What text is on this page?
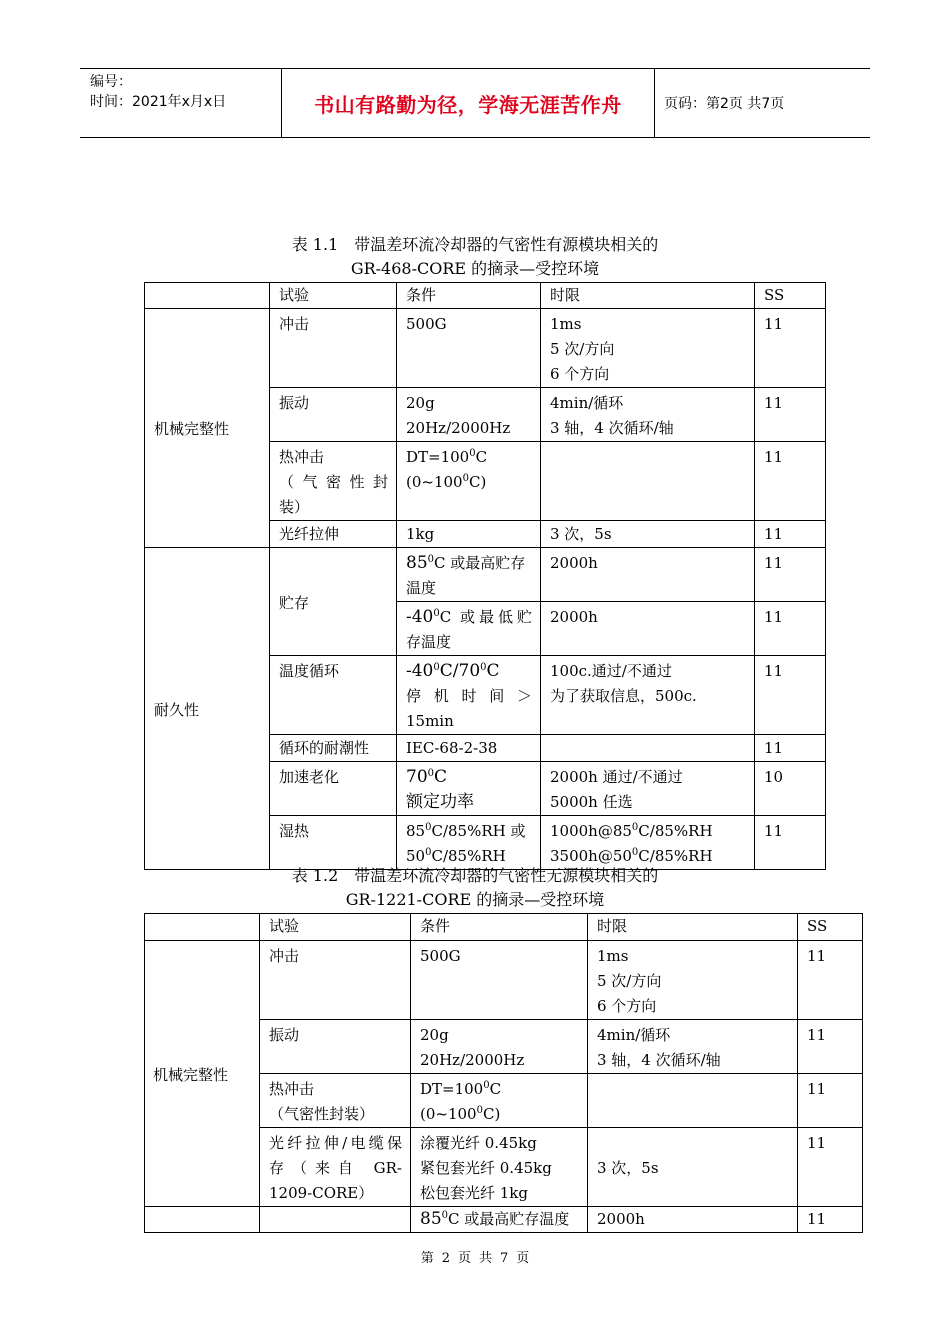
编号：
时间：2021年x月x日	书山有路勤为径，学海无涯苦作舟	页码：第2页 共7页
表 1.1　带温差环流冷却器的气密性有源模块相关的
GR-468-CORE 的摘录—受控环境
	试验	条件	时限	SS
机械完整性	冲击	500G	1ms
5 次/方向
6 个方向	11
	振动	20g
20Hz/2000Hz	4min/循环
3 轴，4 次循环/轴	11

	热冲击
（气密性封
装）	$DT=100^0C$
$(0\sim 100^0C)$		11
	光纤拉伸	1kg	3 次，5s	11
耐久性	贮存	$85^0C$ 或最高贮存
温度	2000h	11

		$-40^0C$ 或最低贮
存温度	2000h	11
	温度循环	$-40^0C/70^0C$
停机时间＞
15min	100c.通过/不通过
为了获取信息，500c.	11
	循环的耐潮性	IEC-68-2-38		11
	加速老化	$70^0C$
额定功率	2000h 通过/不通过
5000h 任选	10
	湿热	$85^0C/85\%RH$ 或
$50^0C/85\%RH$	$1000h@85^0C/85\%RH$
$3500h@50^0C/85\%RH$	11
表 1.2　带温差环流冷却器的气密性无源模块相关的
GR-1221-CORE 的摘录—受控环境
	试验	条件	时限	SS
机械完整性	冲击	500G	1ms
5 次/方向
6 个方向	11
	振动	20g
20Hz/2000Hz	4min/循环
3 轴，4 次循环/轴	11

	热冲击
（气密性封装）	$DT=100^0C$
$(0\sim 100^0C)$		11

	光纤拉伸/电缆保
存（来自 GR-
1209-CORE）	涂覆光纤 0.45kg
紧包套光纤 0.45kg
松包套光纤 1kg	3 次，5s	11
		$85^0C$ 或最高贮存温度	2000h	11
第 2 页 共 7 页
